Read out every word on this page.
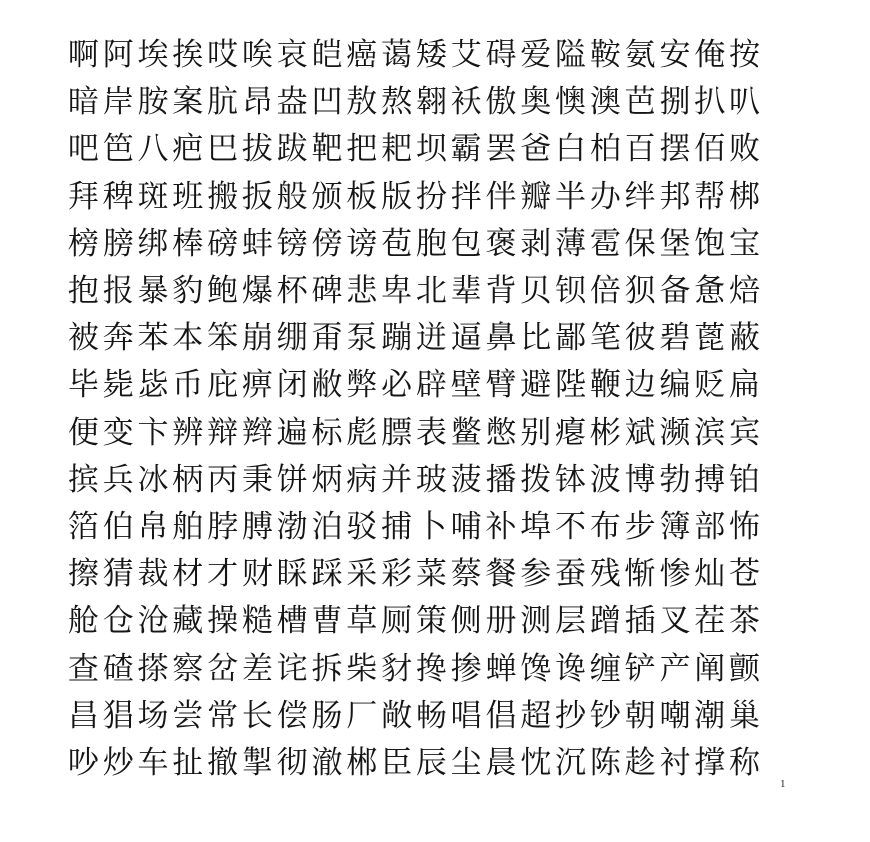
啊 阿 埃 挨 哎 唉 哀 皑 癌 蔼 矮 艾 碍 爱 隘 鞍 氨 安 俺 按
暗 岸 胺 案 肮 昂 盎 凹 敖 熬 翱 袄 傲 奥 懊 澳 芭 捌 扒 叭
吧 笆 八 疤 巴 拔 跋 靶 把 耙 坝 霸 罢 爸 白 柏 百 摆 佰 败
拜 稗 斑 班 搬 扳 般 颁 板 版 扮 拌 伴 瓣 半 办 绊 邦 帮 梆
榜 膀 绑 棒 磅 蚌 镑 傍 谤 苞 胞 包 褒 剥 薄 雹 保 堡 饱 宝
抱 报 暴 豹 鲍 爆 杯 碑 悲 卑 北 辈 背 贝 钡 倍 狈 备 惫 焙
被 奔 苯 本 笨 崩 绷 甭 泵 蹦 迸 逼 鼻 比 鄙 笔 彼 碧 蓖 蔽
毕 毙 毖 币 庇 痹 闭 敝 弊 必 辟 壁 臂 避 陛 鞭 边 编 贬 扁
便 变 卞 辨 辩 辫 遍 标 彪 膘 表 鳖 憋 别 瘪 彬 斌 濒 滨 宾
摈 兵 冰 柄 丙 秉 饼 炳 病 并 玻 菠 播 拨 钵 波 博 勃 搏 铂
箔 伯 帛 舶 脖 膊 渤 泊 驳 捕 卜 哺 补 埠 不 布 步 簿 部 怖
擦 猜 裁 材 才 财 睬 踩 采 彩 菜 蔡 餐 参 蚕 残 惭 惨 灿 苍
舱 仓 沧 藏 操 糙 槽 曹 草 厕 策 侧 册 测 层 蹭 插 叉 茬 茶
查 碴 搽 察 岔 差 诧 拆 柴 豺 搀 掺 蝉 馋 谗 缠 铲 产 阐 颤
昌 猖 场 尝 常 长 偿 肠 厂 敞 畅 唱 倡 超 抄 钞 朝 嘲 潮 巢
吵 炒 车 扯 撤 掣 彻 澈 郴 臣 辰 尘 晨 忱 沉 陈 趁 衬 撑 称
1
